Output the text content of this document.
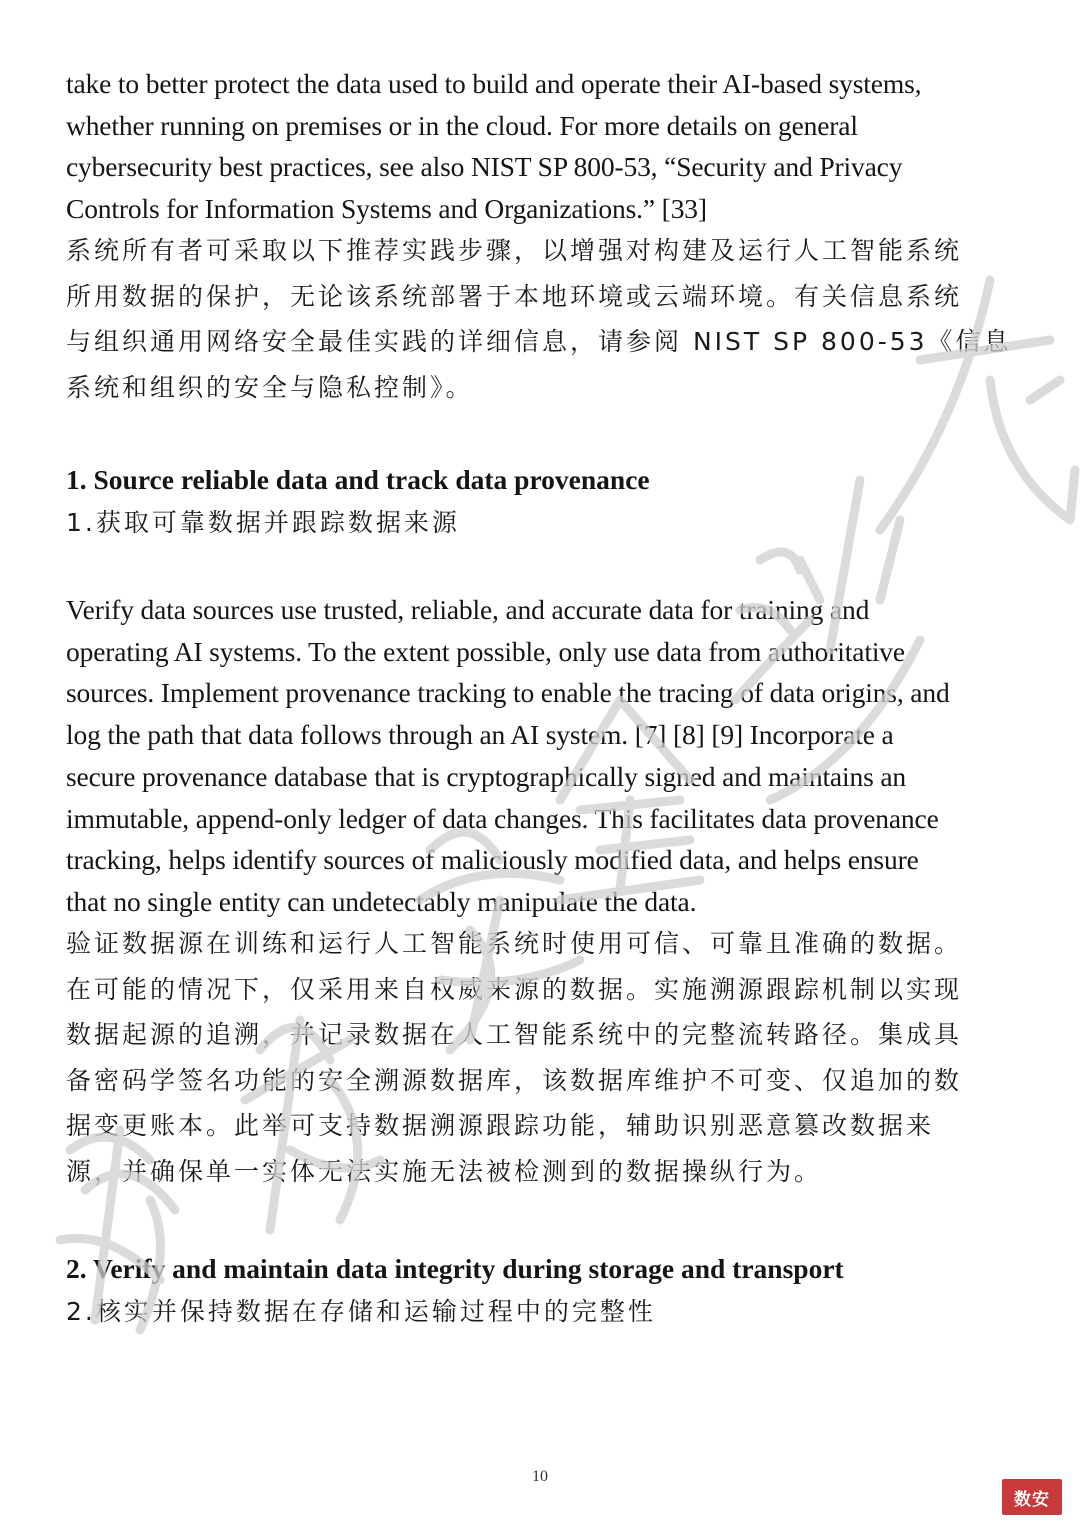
take to better protect the data used to build and operate their AI-based systems,
whether running on premises or in the cloud. For more details on general
cybersecurity best practices, see also NIST SP 800-53, “Security and Privacy
Controls for Information Systems and Organizations.” [33]
系统所有者可采取以下推荐实践步骤，以增强对构建及运行人工智能系统
所用数据的保护，无论该系统部署于本地环境或云端环境。有关信息系统
与组织通用网络安全最佳实践的详细信息，请参阅 NIST SP 800-53《信息
系统和组织的安全与隐私控制》。
1. Source reliable data and track data provenance
1.获取可靠数据并跟踪数据来源
Verify data sources use trusted, reliable, and accurate data for training and
operating AI systems. To the extent possible, only use data from authoritative
sources. Implement provenance tracking to enable the tracing of data origins, and
log the path that data follows through an AI system. [7] [8] [9] Incorporate a
secure provenance database that is cryptographically signed and maintains an
immutable, append-only ledger of data changes. This facilitates data provenance
tracking, helps identify sources of maliciously modified data, and helps ensure
that no single entity can undetectably manipulate the data.
验证数据源在训练和运行人工智能系统时使用可信、可靠且准确的数据。
在可能的情况下，仅采用来自权威来源的数据。实施溯源跟踪机制以实现
数据起源的追溯，并记录数据在人工智能系统中的完整流转路径。集成具
备密码学签名功能的安全溯源数据库，该数据库维护不可变、仅追加的数
据变更账本。此举可支持数据溯源跟踪功能，辅助识别恶意篡改数据来
源，并确保单一实体无法实施无法被检测到的数据操纵行为。
2. Verify and maintain data integrity during storage and transport
2.核实并保持数据在存储和运输过程中的完整性
10
数安
